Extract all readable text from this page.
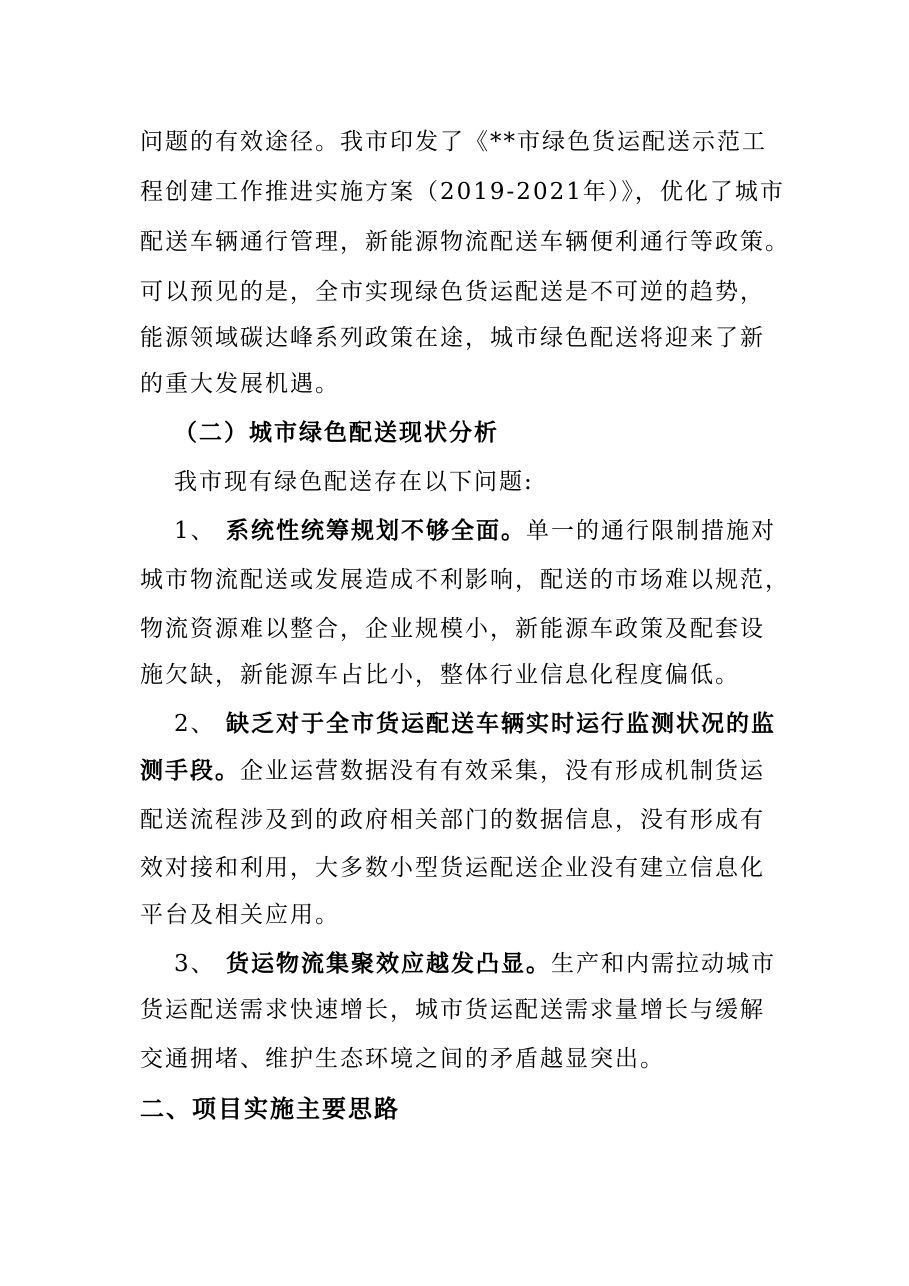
问题的有效途径。我市印发了《**市绿色货运配送示范工
程创建工作推进实施方案（2019-2021年）》，优化了城市
配送车辆通行管理，新能源物流配送车辆便利通行等政策。
可以预见的是，全市实现绿色货运配送是不可逆的趋势，
能源领域碳达峰系列政策在途，城市绿色配送将迎来了新
的重大发展机遇。
（二）城市绿色配送现状分析
我市现有绿色配送存在以下问题:
1、 系统性统筹规划不够全面。单一的通行限制措施对
城市物流配送或发展造成不利影响，配送的市场难以规范，
物流资源难以整合，企业规模小，新能源车政策及配套设
施欠缺，新能源车占比小，整体行业信息化程度偏低。
2、 缺乏对于全市货运配送车辆实时运行监测状况的监
测手段。企业运营数据没有有效采集，没有形成机制货运
配送流程涉及到的政府相关部门的数据信息，没有形成有
效对接和利用，大多数小型货运配送企业没有建立信息化
平台及相关应用。
3、 货运物流集聚效应越发凸显。生产和内需拉动城市
货运配送需求快速增长，城市货运配送需求量增长与缓解
交通拥堵、维护生态环境之间的矛盾越显突出。
二、项目实施主要思路
